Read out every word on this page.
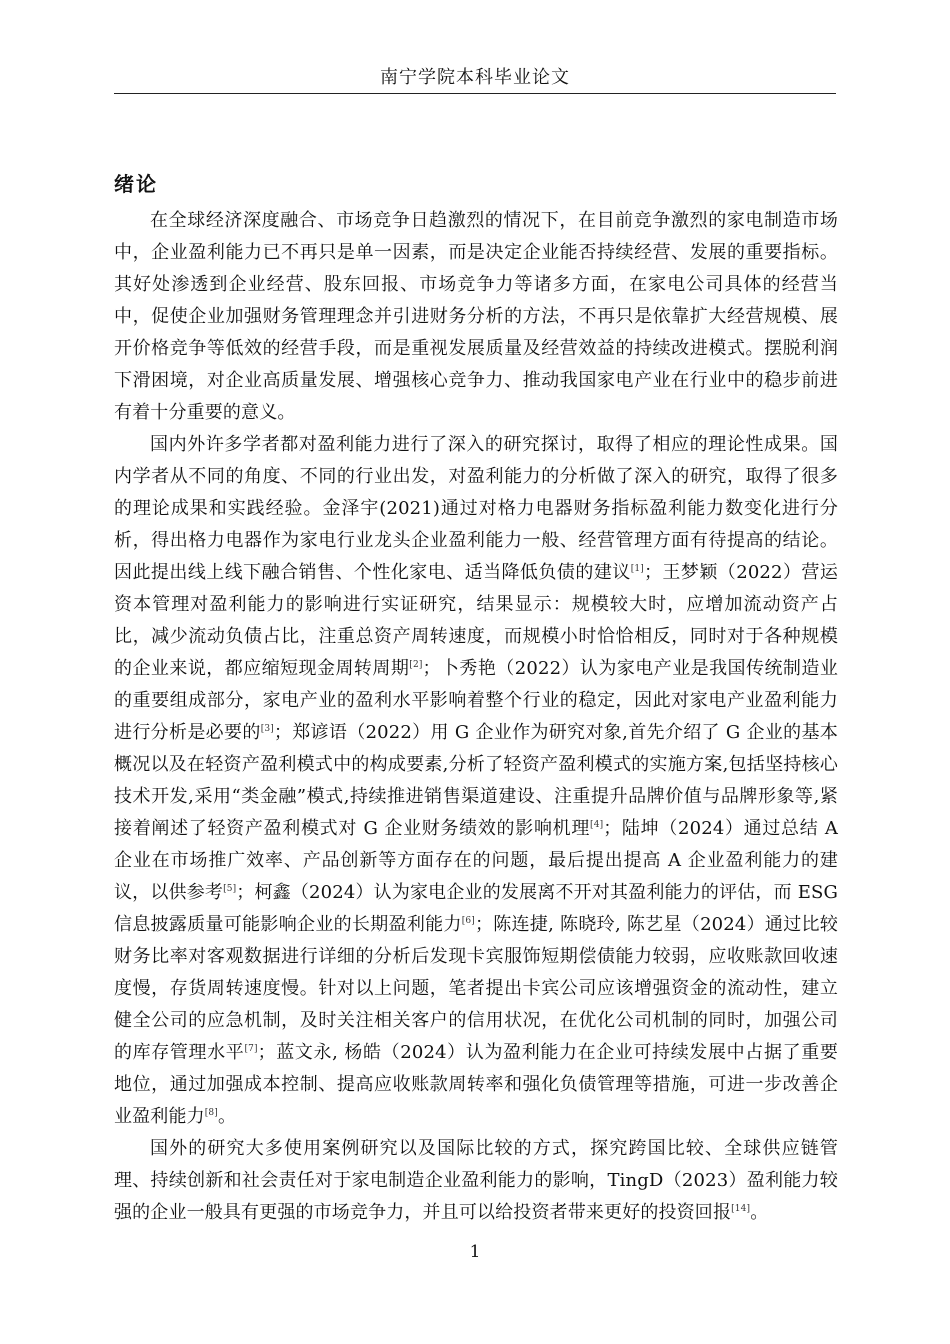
南宁学院本科毕业论文
绪论

在全球经济深度融合、市场竞争日趋激烈的情况下，在目前竞争激烈的家电制造市场中，企业盈利能力已不再只是单一因素，而是决定企业能否持续经营、发展的重要指标。其好处渗透到企业经营、股东回报、市场竞争力等诸多方面，在家电公司具体的经营当中，促使企业加强财务管理理念并引进财务分析的方法，不再只是依靠扩大经营规模、展开价格竞争等低效的经营手段，而是重视发展质量及经营效益的持续改进模式。摆脱利润下滑困境，对企业高质量发展、增强核心竞争力、推动我国家电产业在行业中的稳步前进有着十分重要的意义。

国内外许多学者都对盈利能力进行了深入的研究探讨，取得了相应的理论性成果。国内学者从不同的角度、不同的行业出发，对盈利能力的分析做了深入的研究，取得了很多的理论成果和实践经验。金泽宇(2021)通过对格力电器财务指标盈利能力数变化进行分析，得出格力电器作为家电行业龙头企业盈利能力一般、经营管理方面有待提高的结论。因此提出线上线下融合销售、个性化家电、适当降低负债的建议[1]；王梦颖（2022）营运资本管理对盈利能力的影响进行实证研究，结果显示：规模较大时，应增加流动资产占比，减少流动负债占比，注重总资产周转速度，而规模小时恰恰相反，同时对于各种规模的企业来说，都应缩短现金周转周期[2]；卜秀艳（2022）认为家电产业是我国传统制造业的重要组成部分，家电产业的盈利水平影响着整个行业的稳定，因此对家电产业盈利能力进行分析是必要的[3]；郑谚语（2022）用 G 企业作为研究对象,首先介绍了 G 企业的基本概况以及在轻资产盈利模式中的构成要素,分析了轻资产盈利模式的实施方案,包括坚持核心技术开发,采用“类金融”模式,持续推进销售渠道建设、注重提升品牌价值与品牌形象等,紧接着阐述了轻资产盈利模式对 G 企业财务绩效的影响机理[4]；陆坤（2024）通过总结 A 企业在市场推广效率、产品创新等方面存在的问题，最后提出提高 A 企业盈利能力的建议，以供参考[5]；柯鑫（2024）认为家电企业的发展离不开对其盈利能力的评估，而 ESG 信息披露质量可能影响企业的长期盈利能力[6]；陈连捷, 陈晓玲, 陈艺星（2024）通过比较财务比率对客观数据进行详细的分析后发现卡宾服饰短期偿债能力较弱，应收账款回收速度慢，存货周转速度慢。针对以上问题，笔者提出卡宾公司应该增强资金的流动性，建立健全公司的应急机制，及时关注相关客户的信用状况，在优化公司机制的同时，加强公司的库存管理水平[7]；蓝文永, 杨皓（2024）认为盈利能力在企业可持续发展中占据了重要地位，通过加强成本控制、提高应收账款周转率和强化负债管理等措施，可进一步改善企业盈利能力[8]。

国外的研究大多使用案例研究以及国际比较的方式，探究跨国比较、全球供应链管理、持续创新和社会责任对于家电制造企业盈利能力的影响，TingD（2023）盈利能力较强的企业一般具有更强的市场竞争力，并且可以给投资者带来更好的投资回报[14]。

1
